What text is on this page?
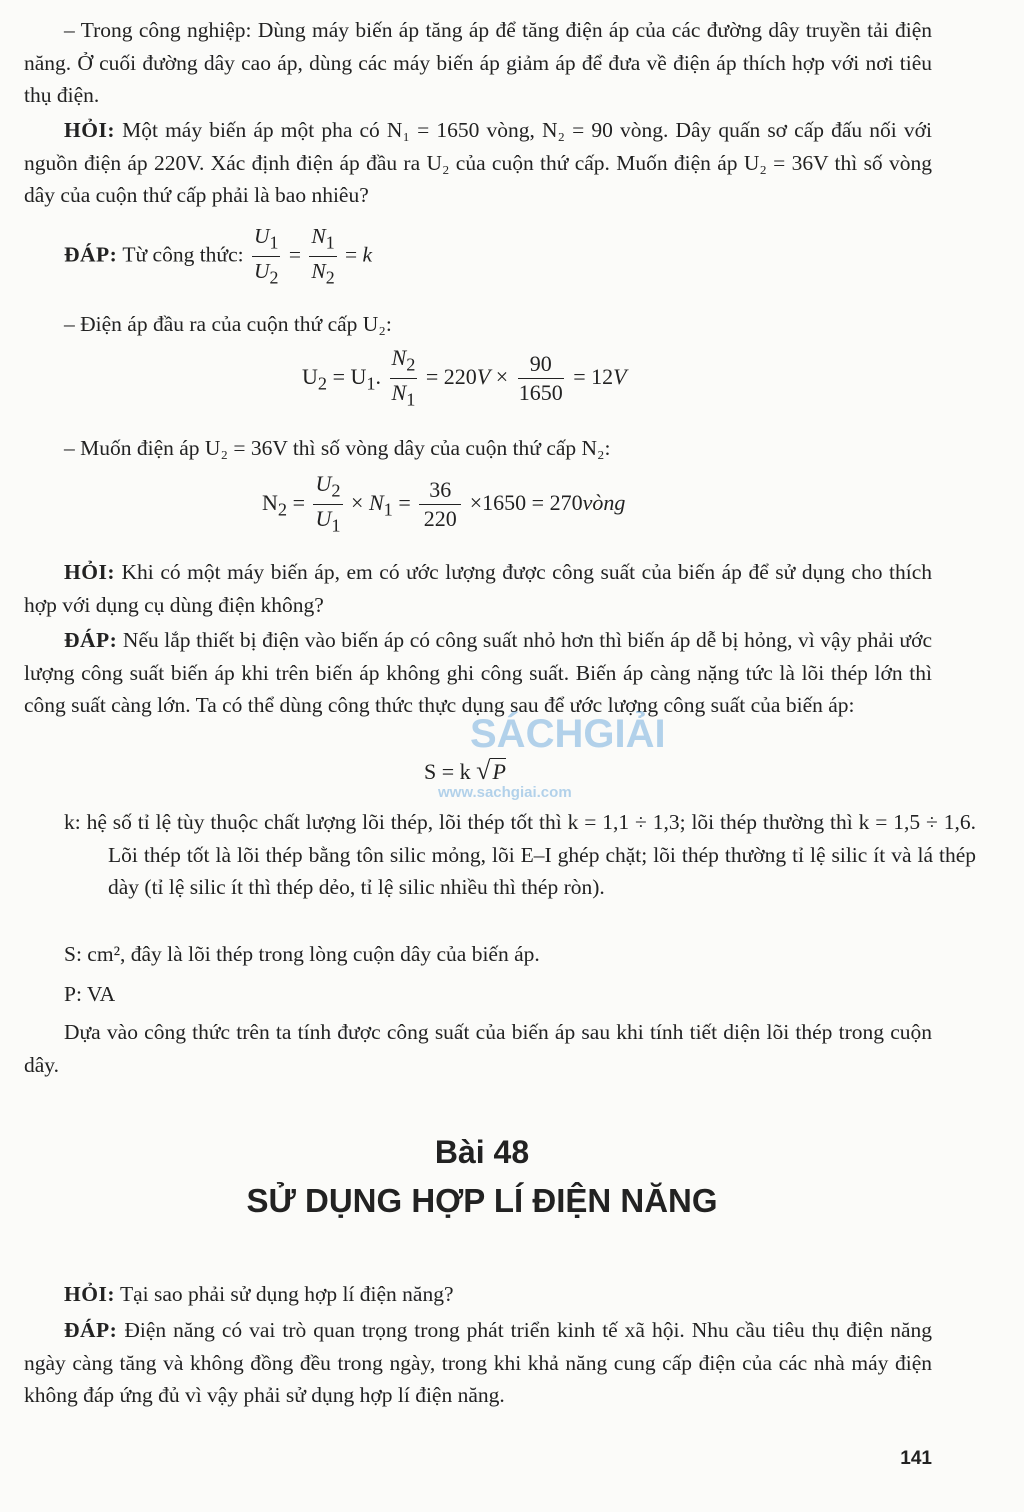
– Trong công nghiệp: Dùng máy biến áp tăng áp để tăng điện áp của các đường dây truyền tải điện năng. Ở cuối đường dây cao áp, dùng các máy biến áp giảm áp để đưa về điện áp thích hợp với nơi tiêu thụ điện.
HỎI: Một máy biến áp một pha có N₁ = 1650 vòng, N₂ = 90 vòng. Dây quấn sơ cấp đấu nối với nguồn điện áp 220V. Xác định điện áp đầu ra U₂ của cuộn thứ cấp. Muốn điện áp U₂ = 36V thì số vòng dây của cuộn thứ cấp phải là bao nhiêu?
ĐÁP: Từ công thức: $\frac{U_1}{U_2} = \frac{N_1}{N_2} = k$
– Điện áp đầu ra của cuộn thứ cấp U₂:
$U_2 = U_1$. $\frac{N_2}{N_1} = 220V \times \frac{90}{1650} = 12V$
– Muốn điện áp U₂ = 36V thì số vòng dây của cuộn thứ cấp N₂:
$N_2 = \frac{U_2}{U_1} \times N_1 = \frac{36}{220} \times 1650$ = 270vòng
HỎI: Khi có một máy biến áp, em có ước lượng được công suất của biến áp để sử dụng cho thích hợp với dụng cụ dùng điện không?
ĐÁP: Nếu lắp thiết bị điện vào biến áp có công suất nhỏ hơn thì biến áp dễ bị hỏng, vì vậy phải ước lượng công suất biến áp khi trên biến áp không ghi công suất. Biến áp càng nặng tức là lõi thép lớn thì công suất càng lớn. Ta có thể dùng công thức thực dụng sau để ước lượng công suất của biến áp:
S = k √P
SÁCHGIẢI
www.sachgiai.com
k: hệ số tỉ lệ tùy thuộc chất lượng lõi thép, lõi thép tốt thì k = 1,1 ÷ 1,3; lõi thép thường thì k = 1,5 ÷ 1,6. Lõi thép tốt là lõi thép bằng tôn silic mỏng, lõi E–I ghép chặt; lõi thép thường tỉ lệ silic ít và lá thép dày (tỉ lệ silic ít thì thép dẻo, tỉ lệ silic nhiều thì thép ròn).
S: cm², đây là lõi thép trong lòng cuộn dây của biến áp.
P: VA
Dựa vào công thức trên ta tính được công suất của biến áp sau khi tính tiết diện lõi thép trong cuộn dây.
Bài 48
SỬ DỤNG HỢP LÍ ĐIỆN NĂNG
HỎI: Tại sao phải sử dụng hợp lí điện năng?
ĐÁP: Điện năng có vai trò quan trọng trong phát triển kinh tế xã hội. Nhu cầu tiêu thụ điện năng ngày càng tăng và không đồng đều trong ngày, trong khi khả năng cung cấp điện của các nhà máy điện không đáp ứng đủ vì vậy phải sử dụng hợp lí điện năng.
141
